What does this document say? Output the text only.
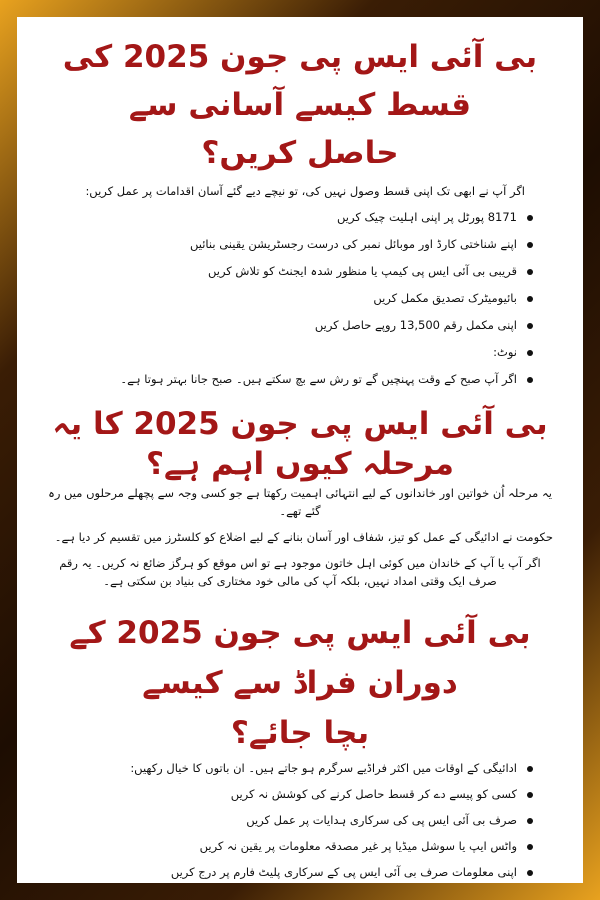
بی آئی ایس پی جون 2025 کی قسط کیسے آسانی سے
حاصل کریں؟
اگر آپ نے ابھی تک اپنی قسط وصول نہیں کی، تو نیچے دیے گئے آسان اقدامات پر عمل کریں:
8171 پورٹل پر اپنی اہلیت چیک کریں
اپنے شناختی کارڈ اور موبائل نمبر کی درست رجسٹریشن یقینی بنائیں
قریبی بی آئی ایس پی کیمپ یا منظور شدہ ایجنٹ کو تلاش کریں
بائیومیٹرک تصدیق مکمل کریں
اپنی مکمل رقم 13,500 روپے حاصل کریں
نوٹ:
اگر آپ صبح کے وقت پہنچیں گے تو رش سے بچ سکتے ہیں۔ صبح جانا بہتر ہوتا ہے۔
بی آئی ایس پی جون 2025 کا یہ مرحلہ کیوں اہم ہے؟

یہ مرحلہ اُن خواتین اور خاندانوں کے لیے انتہائی اہمیت رکھتا ہے جو کسی وجہ سے پچھلے مرحلوں میں رہ گئے تھے۔

حکومت نے ادائیگی کے عمل کو تیز، شفاف اور آسان بنانے کے لیے اضلاع کو کلسٹرز میں تقسیم کر دیا ہے۔

اگر آپ یا آپ کے خاندان میں کوئی اہل خاتون موجود ہے تو اس موقع کو ہرگز ضائع نہ کریں۔ یہ رقم صرف ایک وقتی امداد نہیں، بلکہ آپ کی مالی خود مختاری کی بنیاد بن سکتی ہے۔

بی آئی ایس پی جون 2025 کے دوران فراڈ سے کیسے
بچا جائے؟
ادائیگی کے اوقات میں اکثر فراڈیے سرگرم ہو جاتے ہیں۔ ان باتوں کا خیال رکھیں:
کسی کو پیسے دے کر قسط حاصل کرنے کی کوشش نہ کریں
صرف بی آئی ایس پی کی سرکاری ہدایات پر عمل کریں
واٹس ایپ یا سوشل میڈیا پر غیر مصدقہ معلومات پر یقین نہ کریں
اپنی معلومات صرف بی آئی ایس پی کے سرکاری پلیٹ فارم پر درج کریں
